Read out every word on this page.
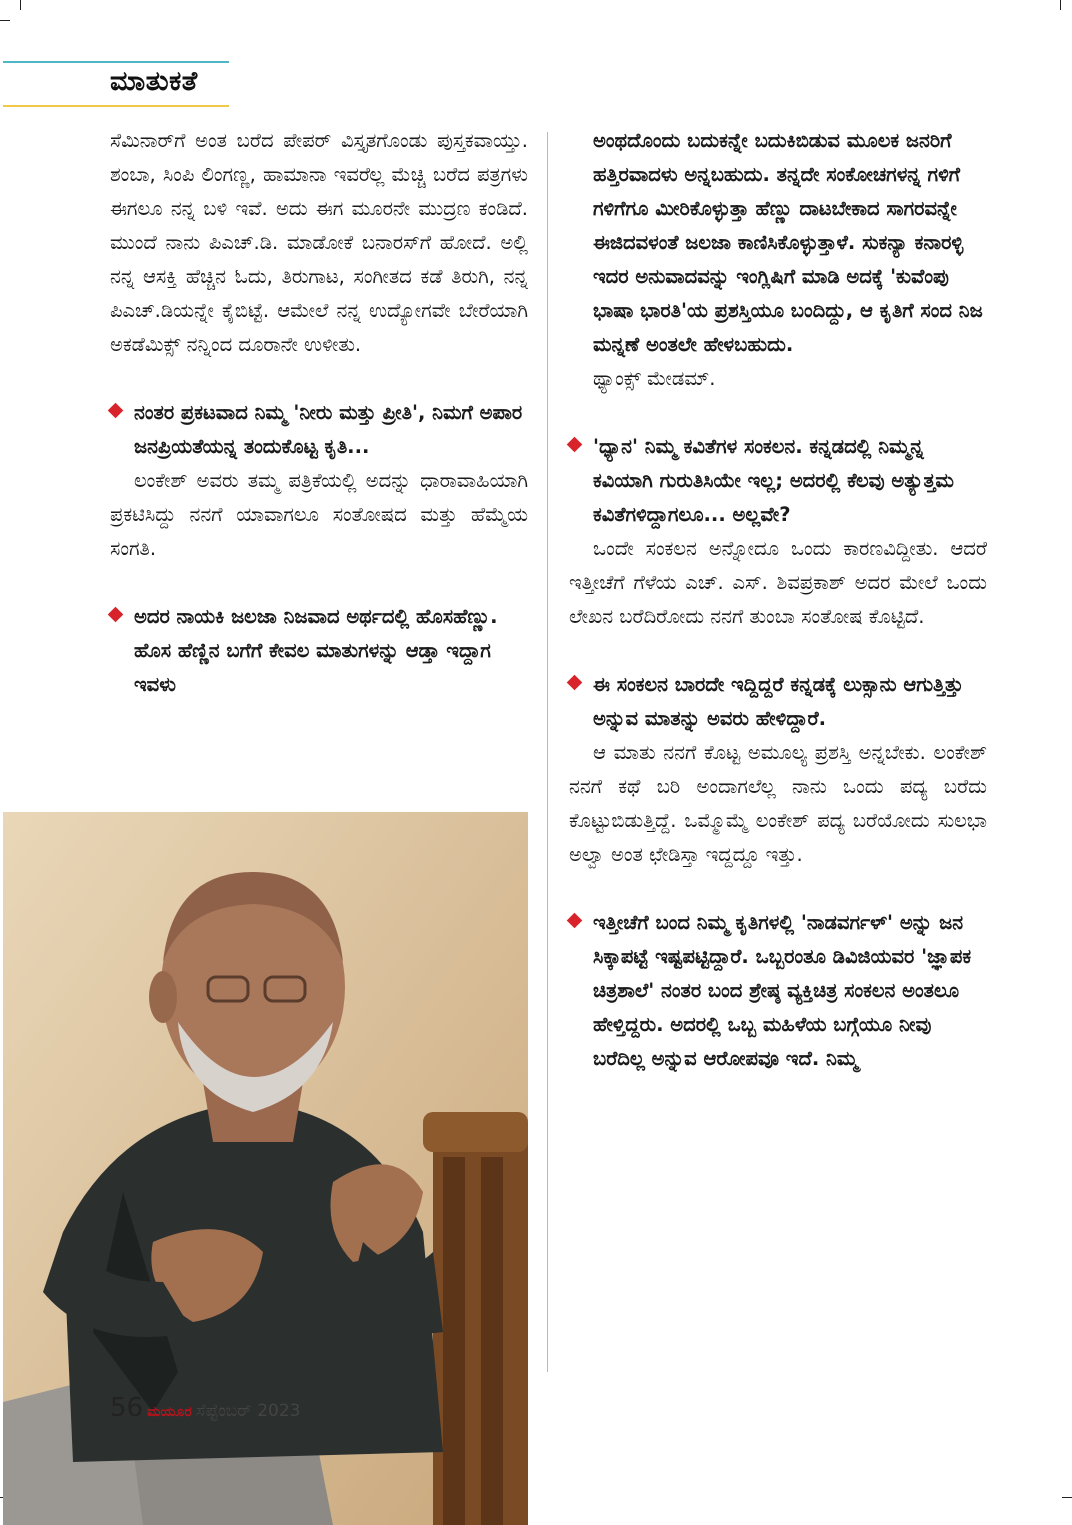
ಮಾತುಕತೆ

ಸೆಮಿನಾರ್‌ಗೆ ಅಂತ ಬರೆದ ಪೇಪರ್ ವಿಸ್ತೃತಗೊಂಡು ಪುಸ್ತಕವಾಯ್ತು. ಶಂಬಾ, ಸಿಂಪಿ ಲಿಂಗಣ್ಣ, ಹಾಮಾನಾ ಇವರೆಲ್ಲ ಮೆಚ್ಚಿ ಬರೆದ ಪತ್ರಗಳು ಈಗಲೂ ನನ್ನ ಬಳಿ ಇವೆ. ಅದು ಈಗ ಮೂರನೇ ಮುದ್ರಣ ಕಂಡಿದೆ. ಮುಂದೆ ನಾನು ಪಿಎಚ್.ಡಿ. ಮಾಡೋಕೆ ಬನಾರಸ್‌ಗೆ ಹೋದೆ. ಅಲ್ಲಿ ನನ್ನ ಆಸಕ್ತಿ ಹೆಚ್ಚಿನ ಓದು, ತಿರುಗಾಟ, ಸಂಗೀತದ ಕಡೆ ತಿರುಗಿ, ನನ್ನ ಪಿಎಚ್.ಡಿಯನ್ನೇ ಕೈಬಿಟ್ಟೆ. ಆಮೇಲೆ ನನ್ನ ಉದ್ಯೋಗವೇ ಬೇರೆಯಾಗಿ ಅಕಡೆಮಿಕ್ಸ್ ನನ್ನಿಂದ ದೂರಾನೇ ಉಳೀತು.

ನಂತರ ಪ್ರಕಟವಾದ ನಿಮ್ಮ 'ನೀರು ಮತ್ತು ಪ್ರೀತಿ', ನಿಮಗೆ ಅಪಾರ ಜನಪ್ರಿಯತೆಯನ್ನ ತಂದುಕೊಟ್ಟ ಕೃತಿ...

ಲಂಕೇಶ್ ಅವರು ತಮ್ಮ ಪತ್ರಿಕೆಯಲ್ಲಿ ಅದನ್ನು ಧಾರಾವಾಹಿಯಾಗಿ ಪ್ರಕಟಿಸಿದ್ದು ನನಗೆ ಯಾವಾಗಲೂ ಸಂತೋಷದ ಮತ್ತು ಹೆಮ್ಮೆಯ ಸಂಗತಿ.

ಅದರ ನಾಯಕಿ ಜಲಜಾ ನಿಜವಾದ ಅರ್ಥದಲ್ಲಿ ಹೊಸಹೆಣ್ಣು. ಹೊಸ ಹೆಣ್ಣಿನ ಬಗೆಗೆ ಕೇವಲ ಮಾತುಗಳನ್ನು ಆಡ್ತಾ ಇದ್ದಾಗ ಇವಳು
ಅಂಥದೊಂದು ಬದುಕನ್ನೇ ಬದುಕಿಬಿಡುವ ಮೂಲಕ ಜನರಿಗೆ ಹತ್ತಿರವಾದಳು ಅನ್ನಬಹುದು. ತನ್ನದೇ ಸಂಕೋಚಗಳನ್ನ ಗಳಿಗೆ ಗಳಿಗೆಗೂ ಮೀರಿಕೊಳ್ಳುತ್ತಾ ಹೆಣ್ಣು ದಾಟಬೇಕಾದ ಸಾಗರವನ್ನೇ ಈಜಿದವಳಂತೆ ಜಲಜಾ ಕಾಣಿಸಿಕೊಳ್ಳುತ್ತಾಳೆ. ಸುಕನ್ಯಾ ಕನಾರಳ್ಳಿ ಇದರ ಅನುವಾದವನ್ನು ಇಂಗ್ಲಿಷಿಗೆ ಮಾಡಿ ಅದಕ್ಕೆ 'ಕುವೆಂಪು ಭಾಷಾ ಭಾರತಿ'ಯ ಪ್ರಶಸ್ತಿಯೂ ಬಂದಿದ್ದು, ಆ ಕೃತಿಗೆ ಸಂದ ನಿಜ ಮನ್ನಣೆ ಅಂತಲೇ ಹೇಳಬಹುದು.

ಥ್ಯಾಂಕ್ಸ್ ಮೇಡಮ್.

'ಧ್ಯಾನ' ನಿಮ್ಮ ಕವಿತೆಗಳ ಸಂಕಲನ. ಕನ್ನಡದಲ್ಲಿ ನಿಮ್ಮನ್ನ ಕವಿಯಾಗಿ ಗುರುತಿಸಿಯೇ ಇಲ್ಲ; ಅದರಲ್ಲಿ ಕೆಲವು ಅತ್ಯುತ್ತಮ ಕವಿತೆಗಳಿದ್ದಾಗಲೂ... ಅಲ್ಲವೇ?

ಒಂದೇ ಸಂಕಲನ ಅನ್ನೋದೂ ಒಂದು ಕಾರಣವಿದ್ದೀತು. ಆದರೆ ಇತ್ತೀಚೆಗೆ ಗೆಳೆಯ ಎಚ್. ಎಸ್. ಶಿವಪ್ರಕಾಶ್ ಅದರ ಮೇಲೆ ಒಂದು ಲೇಖನ ಬರೆದಿರೋದು ನನಗೆ ತುಂಬಾ ಸಂತೋಷ ಕೊಟ್ಟಿದೆ.

ಈ ಸಂಕಲನ ಬಾರದೇ ಇದ್ದಿದ್ದರೆ ಕನ್ನಡಕ್ಕೆ ಲುಕ್ಸಾನು ಆಗುತ್ತಿತ್ತು ಅನ್ನುವ ಮಾತನ್ನು ಅವರು ಹೇಳಿದ್ದಾರೆ.

ಆ ಮಾತು ನನಗೆ ಕೊಟ್ಟ ಅಮೂಲ್ಯ ಪ್ರಶಸ್ತಿ ಅನ್ನಬೇಕು. ಲಂಕೇಶ್ ನನಗೆ ಕಥೆ ಬರಿ ಅಂದಾಗಲೆಲ್ಲ ನಾನು ಒಂದು ಪದ್ಯ ಬರೆದು ಕೊಟ್ಟುಬಿಡುತ್ತಿದ್ದೆ. ಒಮ್ಮೊಮ್ಮೆ ಲಂಕೇಶ್ ಪದ್ಯ ಬರೆಯೋದು ಸುಲಭಾ ಅಲ್ವಾ ಅಂತ ಛೇಡಿಸ್ತಾ ಇದ್ದದ್ದೂ ಇತ್ತು.

ಇತ್ತೀಚೆಗೆ ಬಂದ ನಿಮ್ಮ ಕೃತಿಗಳಲ್ಲಿ 'ನಾಡವರ್ಗಳ್' ಅನ್ನು ಜನ ಸಿಕ್ಕಾಪಟ್ಟೆ ಇಷ್ಟಪಟ್ಟಿದ್ದಾರೆ. ಒಬ್ಬರಂತೂ ಡಿವಿಜಿಯವರ 'ಜ್ಞಾಪಕ ಚಿತ್ರಶಾಲೆ' ನಂತರ ಬಂದ ಶ್ರೇಷ್ಠ ವ್ಯಕ್ತಿಚಿತ್ರ ಸಂಕಲನ ಅಂತಲೂ ಹೇಳ್ತಿದ್ದರು. ಅದರಲ್ಲಿ ಒಬ್ಬ ಮಹಿಳೆಯ ಬಗ್ಗೆಯೂ ನೀವು ಬರೆದಿಲ್ಲ ಅನ್ನುವ ಆರೋಪವೂ ಇದೆ. ನಿಮ್ಮ
56 ಮಯೂರ ಸೆಪ್ಟೆಂಬರ್ 2023
